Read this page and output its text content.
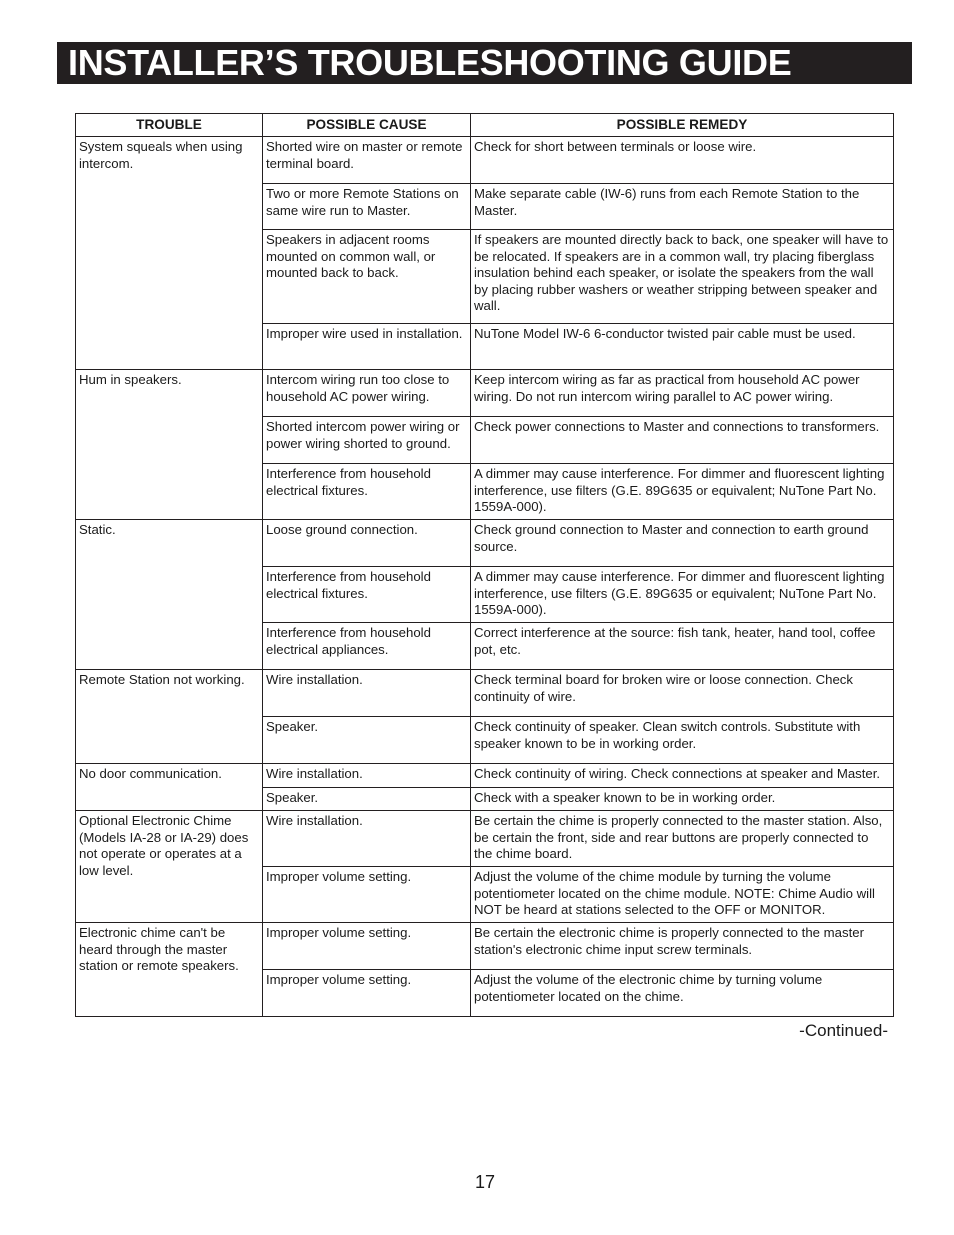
INSTALLER’S TROUBLESHOOTING GUIDE
TROUBLE	POSSIBLE CAUSE	POSSIBLE REMEDY
System squeals when using intercom.	Shorted wire on master or remote terminal board.	Check for short between terminals or loose wire.
	Two or more Remote Stations on same wire run to Master.	Make separate cable (IW-6) runs from each Remote Station to the Master.
	Speakers in adjacent rooms mounted on common wall, or mounted back to back.	If speakers are mounted directly back to back, one speaker will have to be relocated. If speakers are in a common wall, try placing fiberglass insulation behind each speaker, or isolate the speakers from the wall by placing rubber washers or weather stripping between speaker and wall.
	Improper wire used in installation.	NuTone Model IW-6 6-conductor twisted pair cable must be used.
Hum in speakers.	Intercom wiring run too close to household AC power wiring.	Keep intercom wiring as far as practical from household AC power wiring. Do not run intercom wiring parallel to AC power wiring.
	Shorted intercom power wiring or power wiring shorted to ground.	Check power connections to Master and connections to transformers.
	Interference from household electrical fixtures.	A dimmer may cause interference. For dimmer and fluorescent lighting interference, use filters (G.E. 89G635 or equivalent; NuTone Part No. 1559A-000).
Static.	Loose ground connection.	Check ground connection to Master and connection to earth ground source.
	Interference from household electrical fixtures.	A dimmer may cause interference. For dimmer and fluorescent lighting interference, use filters (G.E. 89G635 or equivalent; NuTone Part No. 1559A-000).
	Interference from household electrical appliances.	Correct interference at the source: fish tank, heater, hand tool, coffee pot, etc.
Remote Station not working.	Wire installation.	Check terminal board for broken wire or loose connection. Check continuity of wire.
	Speaker.	Check continuity of speaker. Clean switch controls. Substitute with speaker known to be in working order.
No door communication.	Wire installation.	Check continuity of wiring. Check connections at speaker and Master.
	Speaker.	Check with a speaker known to be in working order.
Optional Electronic Chime (Models IA-28 or IA-29) does not operate or operates at a low level.	Wire installation.	Be certain the chime is properly connected to the master station. Also, be certain the front, side and rear buttons are properly connected to the chime board.
	Improper volume setting.	Adjust the volume of the chime module by turning the volume potentiometer located on the chime module. NOTE: Chime Audio will NOT be heard at stations selected to the OFF or MONITOR.
Electronic chime can't be heard through the master station or remote speakers.	Improper volume setting.	Be certain the electronic chime is properly connected to the master station's electronic chime input screw terminals.
	Improper volume setting.	Adjust the volume of the electronic chime by turning volume potentiometer located on the chime.
-Continued-
17
